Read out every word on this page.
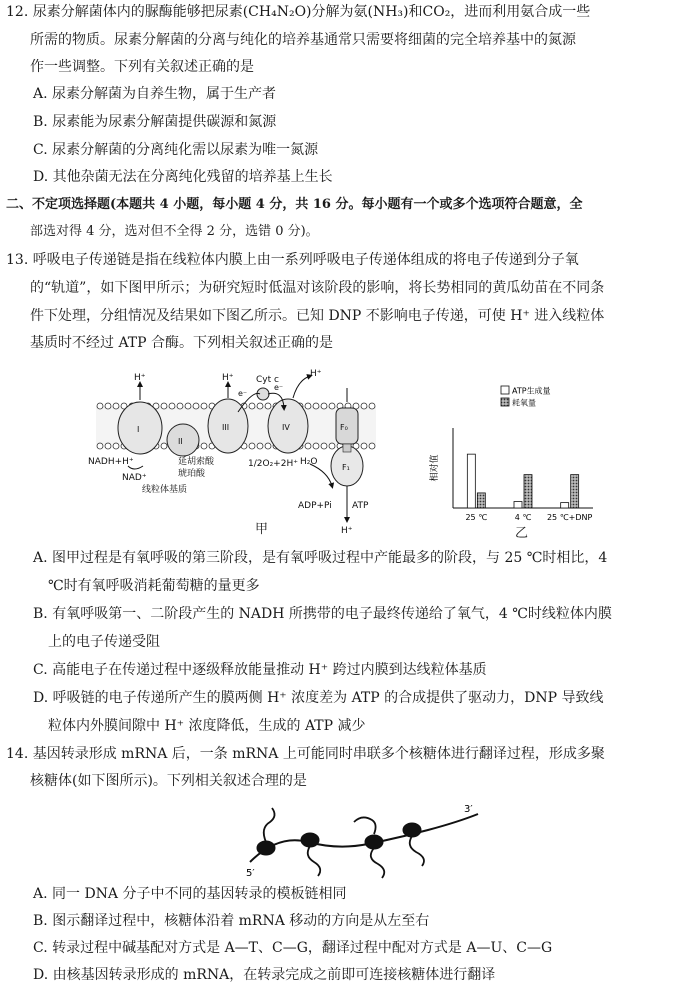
12. 尿素分解菌体内的脲酶能够把尿素(CH₄N₂O)分解为氨(NH₃)和CO₂，进而利用氨合成一些
所需的物质。尿素分解菌的分离与纯化的培养基通常只需要将细菌的完全培养基中的氮源
作一些调整。下列有关叙述正确的是
A. 尿素分解菌为自养生物，属于生产者
B. 尿素能为尿素分解菌提供碳源和氮源
C. 尿素分解菌的分离纯化需以尿素为唯一氮源
D. 其他杂菌无法在分离纯化残留的培养基上生长
二、不定项选择题(本题共 4 小题，每小题 4 分，共 16 分。每小题有一个或多个选项符合题意，全
部选对得 4 分，选对但不全得 2 分，选错 0 分)。
13. 呼吸电子传递链是指在线粒体内膜上由一系列呼吸电子传递体组成的将电子传递到分子氧
的“轨道”，如下图甲所示；为研究短时低温对该阶段的影响，将长势相同的黄瓜幼苗在不同条
件下处理，分组情况及结果如下图乙所示。已知 DNP 不影响电子传递，可使 H⁺ 进入线粒体
基质时不经过 ATP 合酶。下列相关叙述正确的是
H⁺	H⁺	H⁺
H⁺
Cyt c
e⁻
e⁻
I
II
III	IV	F₀
F₁
NADH+H⁺
NAD⁺
延胡索酸
琥珀酸
1/2O₂+2H⁺ H₂O
线粒体基质
ADP+Pi ATP
甲
相对值
25 ℃	4 ℃ 25 ℃+DNP
ATP生成量
耗氧量
乙
A. 图甲过程是有氧呼吸的第三阶段，是有氧呼吸过程中产能最多的阶段，与 25 ℃时相比，4
℃时有氧呼吸消耗葡萄糖的量更多
B. 有氧呼吸第一、二阶段产生的 NADH 所携带的电子最终传递给了氧气，4 ℃时线粒体内膜
上的电子传递受阻
C. 高能电子在传递过程中逐级释放能量推动 H⁺ 跨过内膜到达线粒体基质
D. 呼吸链的电子传递所产生的膜两侧 H⁺ 浓度差为 ATP 的合成提供了驱动力，DNP 导致线
粒体内外膜间隙中 H⁺ 浓度降低，生成的 ATP 减少
14. 基因转录形成 mRNA 后，一条 mRNA 上可能同时串联多个核糖体进行翻译过程，形成多聚
核糖体(如下图所示)。下列相关叙述合理的是
5′
3′
A. 同一 DNA 分子中不同的基因转录的模板链相同
B. 图示翻译过程中，核糖体沿着 mRNA 移动的方向是从左至右
C. 转录过程中碱基配对方式是 A—T、C—G，翻译过程中配对方式是 A—U、C—G
D. 由核基因转录形成的 mRNA，在转录完成之前即可连接核糖体进行翻译
